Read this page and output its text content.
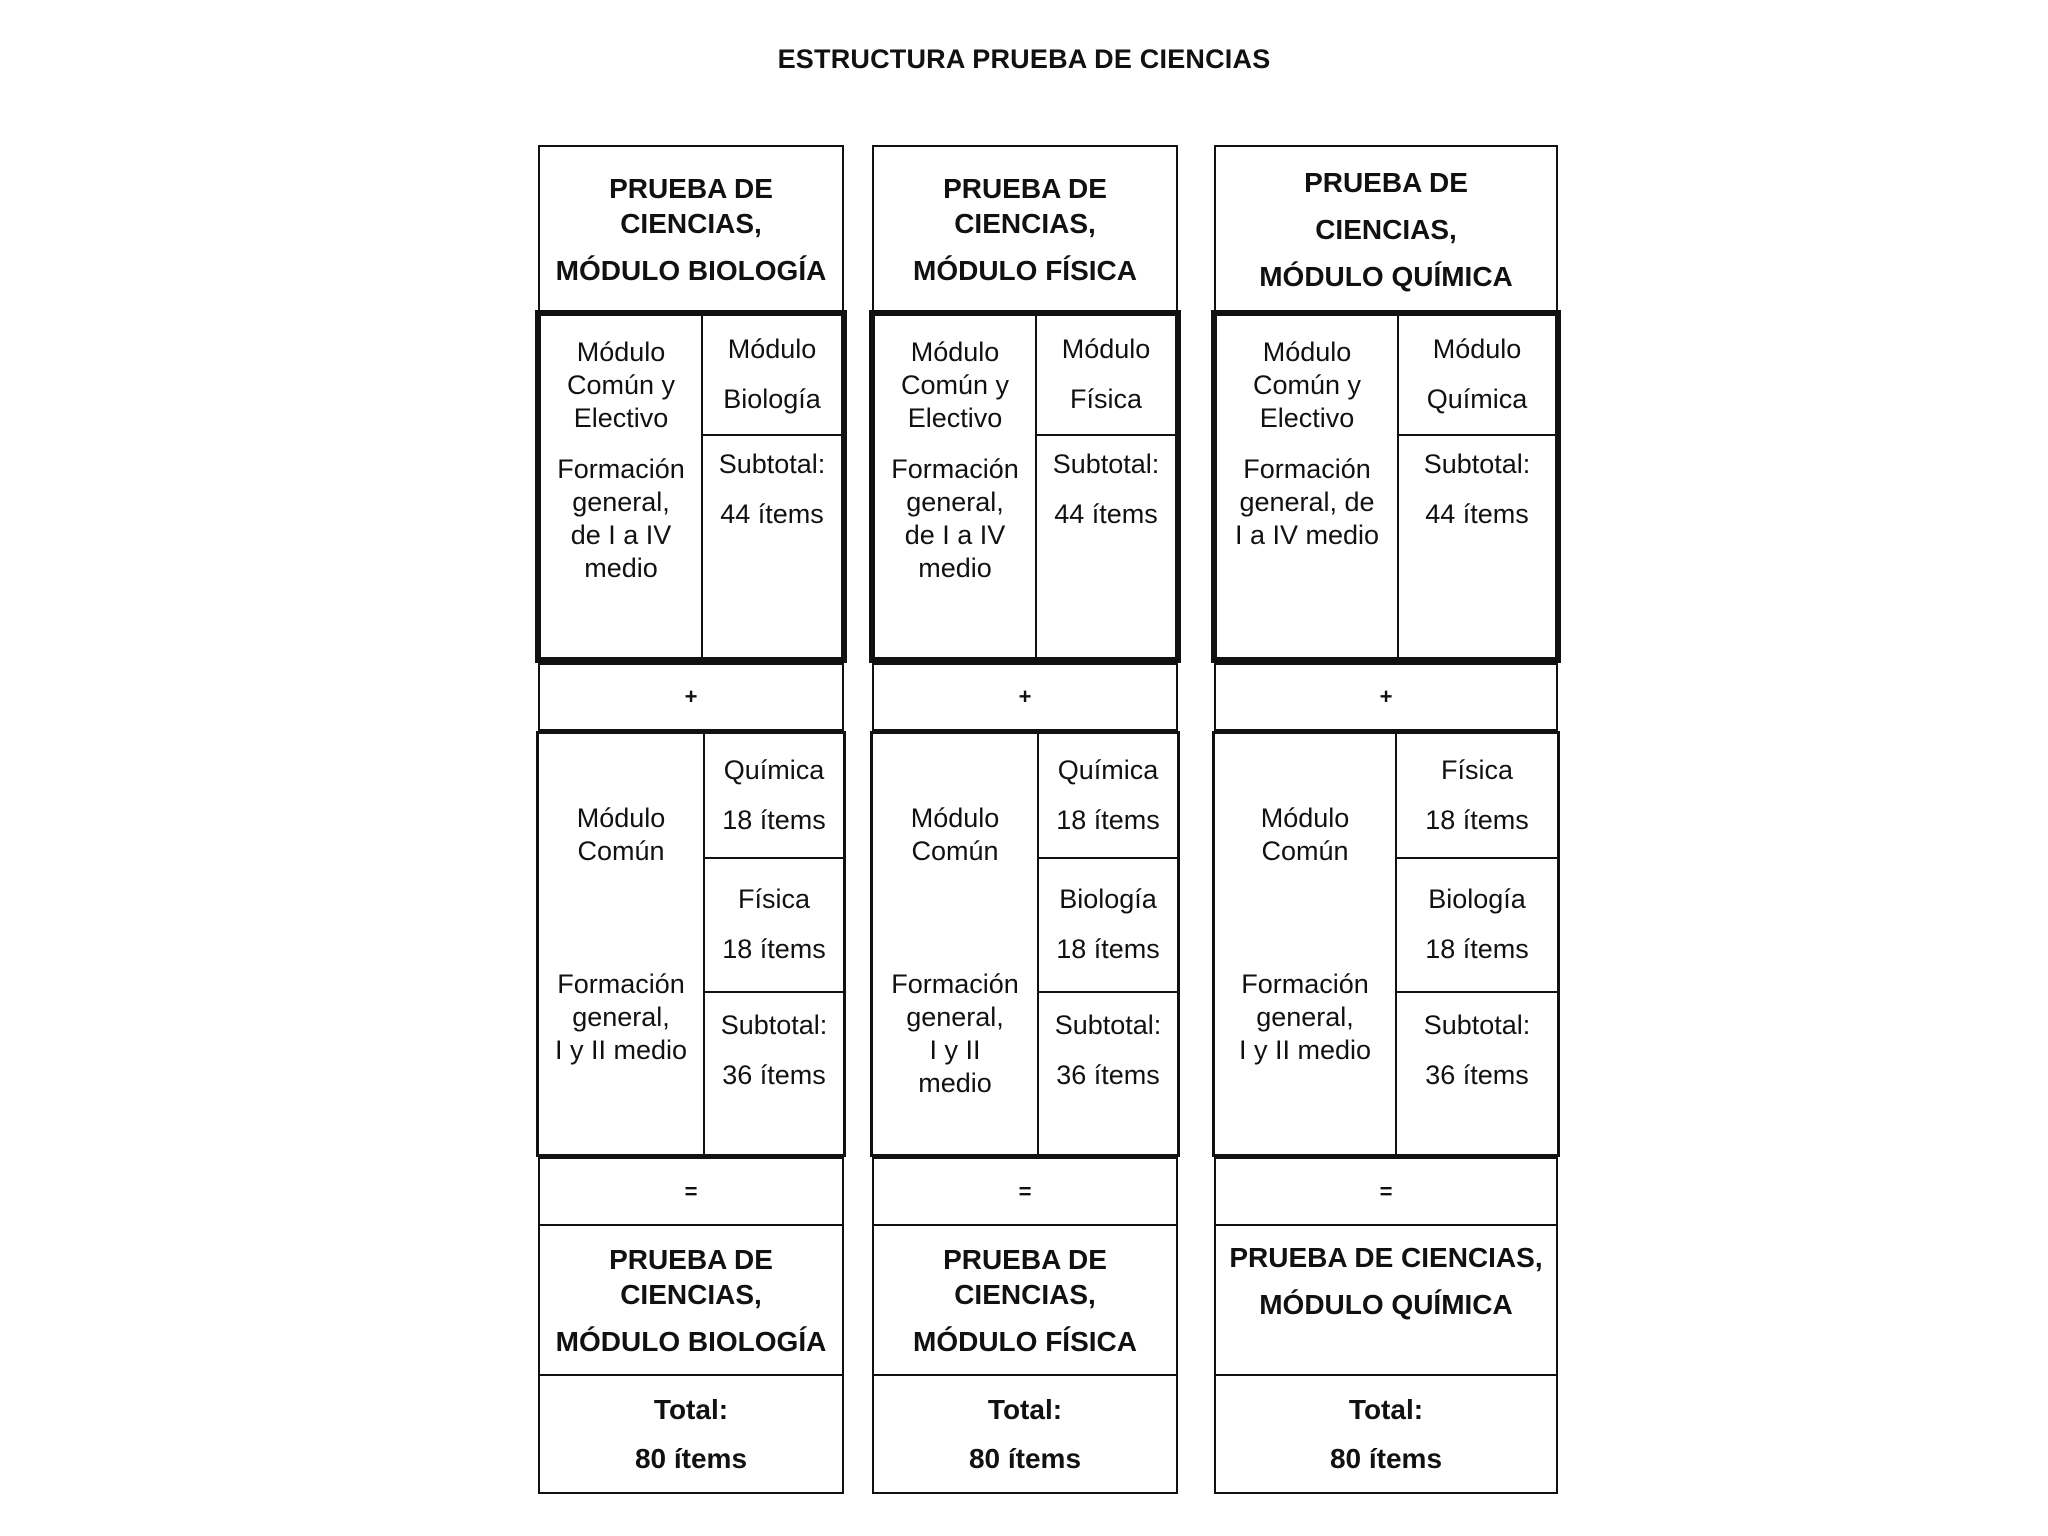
ESTRUCTURA PRUEBA DE CIENCIAS
PRUEBA DE
CIENCIAS,
MÓDULO BIOLOGÍA
Módulo
Común y
Electivo
Formación
general,
de I a IV
medio
Módulo
Biología
Subtotal:
44 ítems
+
Módulo
Común
Formación
general,
I y II medio
Química
18 ítems
Física
18 ítems
Subtotal:
36 ítems
=
PRUEBA DE
CIENCIAS,
MÓDULO BIOLOGÍA
Total:
80 ítems
PRUEBA DE
CIENCIAS,
MÓDULO FÍSICA
Módulo
Común y
Electivo
Formación
general,
de I a IV
medio
Módulo
Física
Subtotal:
44 ítems
+
Módulo
Común
Formación
general,
I y II
medio
Química
18 ítems
Biología
18 ítems
Subtotal:
36 ítems
=
PRUEBA DE
CIENCIAS,
MÓDULO FÍSICA
Total:
80 ítems
PRUEBA DE
CIENCIAS,
MÓDULO QUÍMICA
Módulo
Común y
Electivo
Formación
general, de
I a IV medio
Módulo
Química
Subtotal:
44 ítems
+
Módulo
Común
Formación
general,
I y II medio
Física
18 ítems
Biología
18 ítems
Subtotal:
36 ítems
=
PRUEBA DE CIENCIAS,
MÓDULO QUÍMICA
Total:
80 ítems
